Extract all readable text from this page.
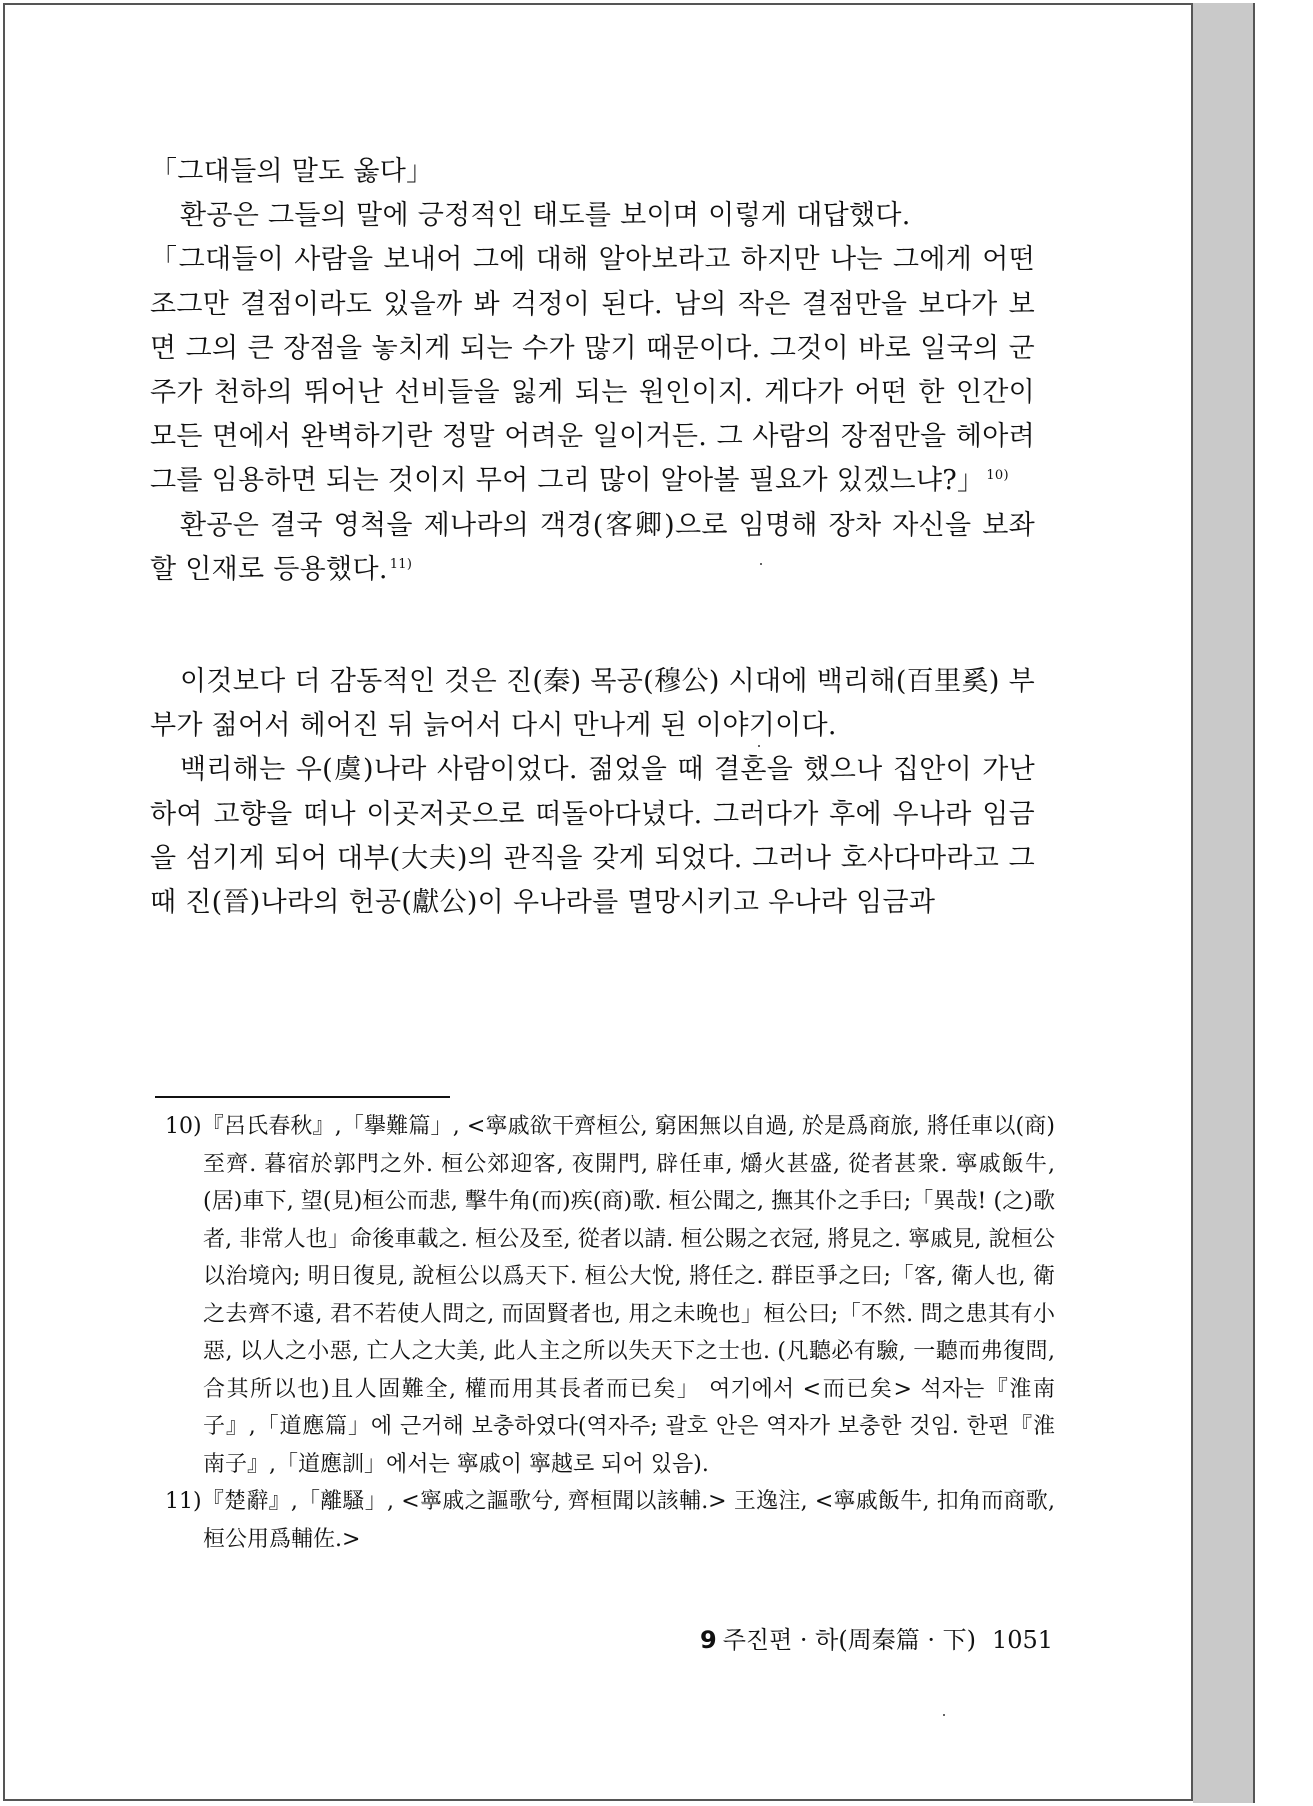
「그대들의 말도 옳다」

환공은 그들의 말에 긍정적인 태도를 보이며 이렇게 대답했다.

「그대들이 사람을 보내어 그에 대해 알아보라고 하지만 나는 그에게 어떤 조그만 결점이라도 있을까 봐 걱정이 된다. 남의 작은 결점만을 보다가 보면 그의 큰 장점을 놓치게 되는 수가 많기 때문이다. 그것이 바로 일국의 군주가 천하의 뛰어난 선비들을 잃게 되는 원인이지. 게다가 어떤 한 인간이 모든 면에서 완벽하기란 정말 어려운 일이거든. 그 사람의 장점만을 헤아려 그를 임용하면 되는 것이지 무어 그리 많이 알아볼 필요가 있겠느냐?」 $^{10)}$

환공은 결국 영척을 제나라의 객경(客卿)으로 임명해 장차 자신을 보좌할 인재로 등용했다. $^{11)}$

이것보다 더 감동적인 것은 진(秦) 목공(穆公) 시대에 백리해(百里奚) 부부가 젊어서 헤어진 뒤 늙어서 다시 만나게 된 이야기이다.

백리해는 우(虞)나라 사람이었다. 젊었을 때 결혼을 했으나 집안이 가난하여 고향을 떠나 이곳저곳으로 떠돌아다녔다. 그러다가 후에 우나라 임금을 섬기게 되어 대부(大夫)의 관직을 갖게 되었다. 그러나 호사다마라고 그때 진(晉)나라의 헌공(獻公)이 우나라를 멸망시키고 우나라 임금과

10)『呂氏春秋』,「擧難篇」, <寧戚欲干齊桓公, 窮困無以自過, 於是爲商旅, 將任車以(商)至齊. 暮宿於郭門之外. 桓公郊迎客, 夜開門, 辟任車, 爝火甚盛, 從者甚衆. 寧戚飯牛, (居)車下, 望(見)桓公而悲, 擊牛角(而)疾(商)歌. 桓公聞之, 撫其仆之手曰;「異哉! (之)歌者, 非常人也」命後車載之. 桓公及至, 從者以請. 桓公賜之衣冠, 將見之. 寧戚見, 說桓公以治境內; 明日復見, 說桓公以爲天下. 桓公大悅, 將任之. 群臣爭之曰;「客, 衛人也, 衛之去齊不遠, 君不若使人問之, 而固賢者也, 用之未晚也」桓公曰;「不然. 問之患其有小惡, 以人之小惡, 亡人之大美, 此人主之所以失天下之士也. (凡聽必有驗, 一聽而弗復問, 合其所以也)且人固難全, 權而用其長者而已矣」 여기에서 <而已矣> 석자는『淮南子』,「道應篇」에 근거해 보충하였다(역자주; 괄호 안은 역자가 보충한 것임. 한편『淮南子』,「道應訓」에서는 寧戚이 寧越로 되어 있음).

11)『楚辭』,「離騷」, <寧戚之謳歌兮, 齊桓聞以該輔.> 王逸注, <寧戚飯牛, 扣角而商歌, 桓公用爲輔佐.>

9 주진편 · 하(周秦篇 · 下) 1051
